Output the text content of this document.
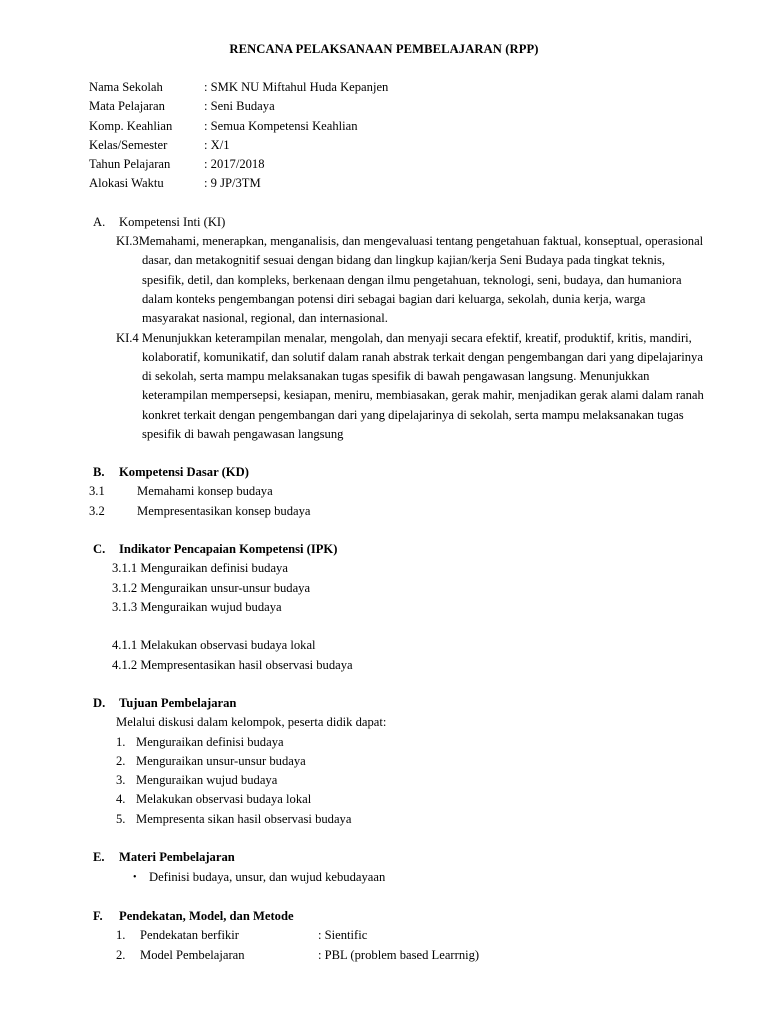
RENCANA PELAKSANAAN PEMBELAJARAN (RPP)
Nama Sekolah	: SMK NU Miftahul Huda Kepanjen
Mata Pelajaran	: Seni Budaya
Komp. Keahlian	: Semua Kompetensi Keahlian
Kelas/Semester	: X/1
Tahun Pelajaran	: 2017/2018
Alokasi Waktu	: 9 JP/3TM
A.	Kompetensi Inti (KI)
KI.3Memahami, menerapkan, menganalisis, dan mengevaluasi tentang pengetahuan faktual, konseptual, operasional dasar, dan metakognitif sesuai dengan bidang dan lingkup kajian/kerja Seni Budaya pada tingkat teknis, spesifik, detil, dan kompleks, berkenaan dengan ilmu pengetahuan, teknologi, seni, budaya, dan humaniora dalam konteks pengembangan potensi diri sebagai bagian dari keluarga, sekolah, dunia kerja, warga masyarakat nasional, regional, dan internasional.
KI.4 Menunjukkan keterampilan menalar, mengolah, dan menyaji secara efektif, kreatif, produktif, kritis, mandiri, kolaboratif, komunikatif, dan solutif dalam ranah abstrak terkait dengan pengembangan dari yang dipelajarinya di sekolah, serta mampu melaksanakan tugas spesifik di bawah pengawasan langsung. Menunjukkan keterampilan mempersepsi, kesiapan, meniru, membiasakan, gerak mahir, menjadikan gerak alami dalam ranah konkret terkait dengan pengembangan dari yang dipelajarinya di sekolah, serta mampu melaksanakan tugas spesifik di bawah pengawasan langsung
B.	Kompetensi Dasar (KD)
3.1	Memahami konsep budaya
3.2	Mempresentasikan konsep budaya
C.	Indikator Pencapaian Kompetensi (IPK)
3.1.1 Menguraikan definisi budaya
3.1.2 Menguraikan unsur-unsur budaya
3.1.3 Menguraikan wujud budaya
4.1.1 Melakukan observasi budaya lokal
4.1.2 Mempresentasikan hasil observasi budaya
D.	Tujuan Pembelajaran
Melalui diskusi dalam kelompok, peserta didik dapat:
1. Menguraikan definisi budaya
2. Menguraikan unsur-unsur budaya
3. Menguraikan wujud budaya
4. Melakukan observasi budaya lokal
5. Mempresenta sikan hasil observasi budaya
E.	Materi Pembelajaran
• Definisi budaya, unsur, dan wujud kebudayaan
F.	Pendekatan, Model, dan Metode
1.	Pendekatan berfikir	: Sientific
2.	Model Pembelajaran	: PBL (problem based Learrnig)
